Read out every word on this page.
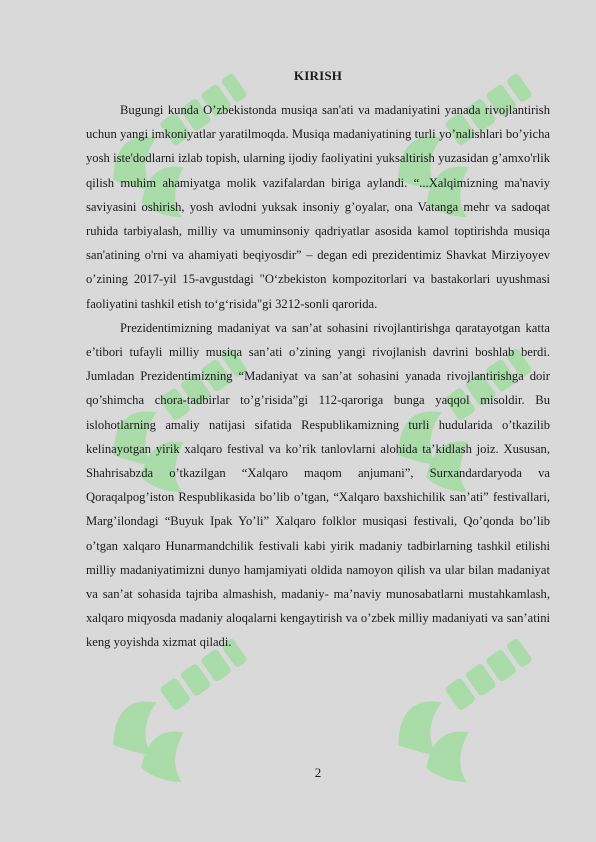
KIRISH

Bugungi kunda O’zbekistonda musiqa san'ati va madaniyatini yanada rivojlantirish uchun yangi imkoniyatlar yaratilmoqda. Musiqa madaniyatining turli yo’nalishlari bo’yicha yosh iste'dodlarni izlab topish, ularning ijodiy faoliyatini yuksaltirish yuzasidan g’amxo'rlik qilish muhim ahamiyatga molik vazifalardan biriga aylandi. “...Xalqimizning ma'naviy saviyasini oshirish, yosh avlodni yuksak insoniy g’oyalar, ona Vatanga mehr va sadoqat ruhida tarbiyalash, milliy va umuminsoniy qadriyatlar asosida kamol toptirishda musiqa san'atining o'rni va ahamiyati beqiyosdir” – degan edi prezidentimiz Shavkat Mirziyoyev o’zining 2017-yil 15-avgustdagi "O‘zbekiston kompozitorlari va bastakorlari uyushmasi faoliyatini tashkil etish to‘g‘risida"gi 3212-sonli qarorida.

Prezidentimizning madaniyat va san’at sohasini rivojlantirishga qaratayotgan katta e’tibori tufayli milliy musiqa san’ati o’zining yangi rivojlanish davrini boshlab berdi. Jumladan Prezidentimizning “Madaniyat va san’at sohasini yanada rivojlantirishga doir qo’shimcha chora-tadbirlar to’g’risida”gi 112-qaroriga bunga yaqqol misoldir. Bu islohotlarning amaliy natijasi sifatida Respublikamizning turli hudularida o’tkazilib kelinayotgan yirik xalqaro festival va ko’rik tanlovlarni alohida ta’kidlash joiz. Xususan, Shahrisabzda o’tkazilgan “Xalqaro maqom anjumani”, Surxandardaryoda va Qoraqalpog’iston Respublikasida bo’lib o’tgan, “Xalqaro baxshichilik san’ati” festivallari, Marg’ilondagi “Buyuk Ipak Yo’li” Xalqaro folklor musiqasi festivali, Qo’qonda bo’lib o’tgan xalqaro Hunarmandchilik festivali kabi yirik madaniy tadbirlarning tashkil etilishi milliy madaniyatimizni dunyo hamjamiyati oldida namoyon qilish va ular bilan madaniyat va san’at sohasida tajriba almashish, madaniy- ma’naviy munosabatlarni mustahkamlash, xalqaro miqyosda madaniy aloqalarni kengaytirish va o’zbek milliy madaniyati va san’atini keng yoyishda xizmat qiladi.

2
